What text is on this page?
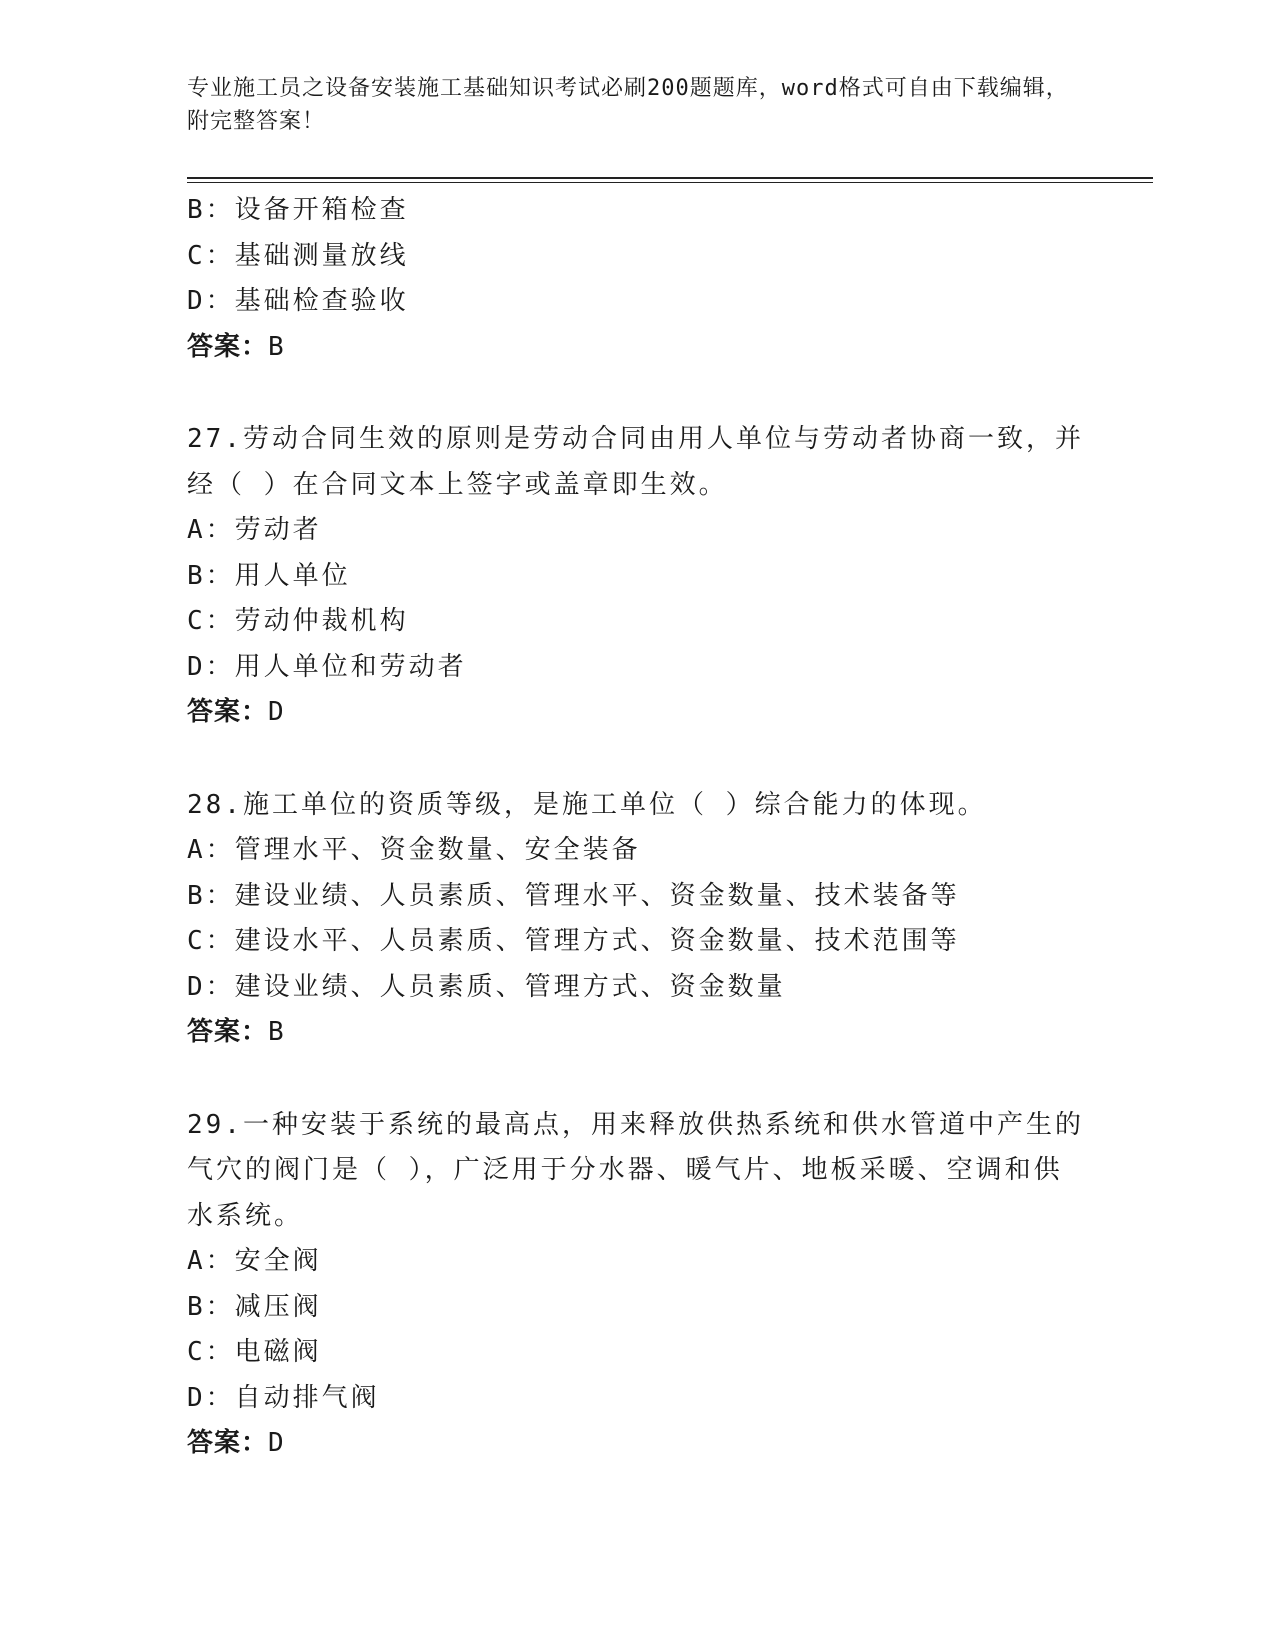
专业施工员之设备安装施工基础知识考试必刷200题题库，word格式可自由下载编辑，附完整答案！
B：设备开箱检查
C：基础测量放线
D：基础检查验收
答案：B
27.劳动合同生效的原则是劳动合同由用人单位与劳动者协商一致，并经（ ）在合同文本上签字或盖章即生效。
A：劳动者
B：用人单位
C：劳动仲裁机构
D：用人单位和劳动者
答案：D
28.施工单位的资质等级，是施工单位（ ）综合能力的体现。
A：管理水平、资金数量、安全装备
B：建设业绩、人员素质、管理水平、资金数量、技术装备等
C：建设水平、人员素质、管理方式、资金数量、技术范围等
D：建设业绩、人员素质、管理方式、资金数量
答案：B
29.一种安装于系统的最高点，用来释放供热系统和供水管道中产生的气穴的阀门是（ ），广泛用于分水器、暖气片、地板采暖、空调和供水系统。
A：安全阀
B：减压阀
C：电磁阀
D：自动排气阀
答案：D
